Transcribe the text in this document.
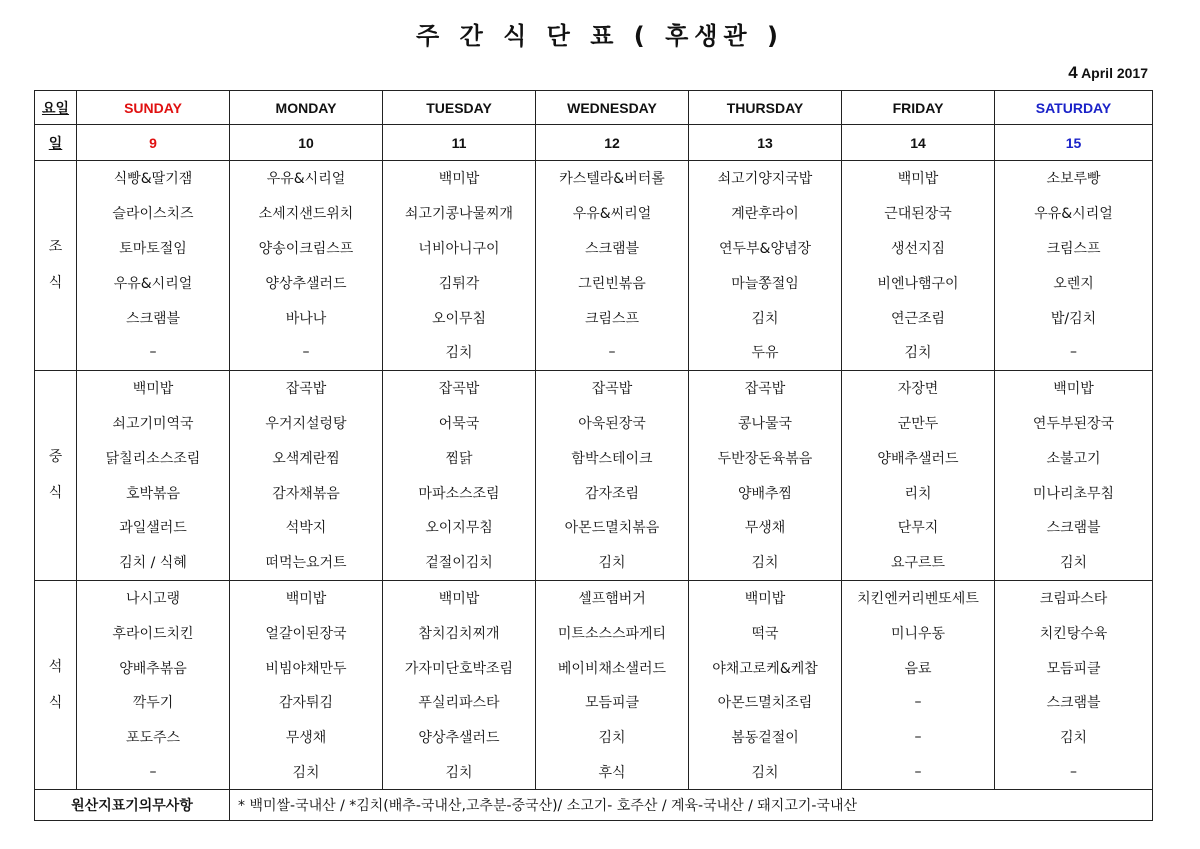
주 간 식 단 표 ( 후생관 )
4 April 2017
요일	SUNDAY	MONDAY	TUESDAY	WEDNESDAY	THURSDAY	FRIDAY	SATURDAY
일	9	10	11	12	13	14	15

조
식	식빵&딸기잼	우유&시리얼	백미밥	카스텔라&버터롤	쇠고기양지국밥	백미밥	소보루빵
	슬라이스치즈	소세지샌드위치	쇠고기콩나물찌개	우유&씨리얼	계란후라이	근대된장국	우유&시리얼
	토마토절임	양송이크림스프	너비아니구이	스크램블	연두부&양념장	생선지짐	크림스프
	우유&시리얼	양상추샐러드	김튀각	그린빈볶음	마늘쫑절임	비엔나햄구이	오렌지
	스크램블	바나나	오이무침	크림스프	김치	연근조림	밥/김치
	–	–	김치	–	두유	김치	–

중
식	백미밥	잡곡밥	잡곡밥	잡곡밥	잡곡밥	자장면	백미밥
	쇠고기미역국	우거지설렁탕	어묵국	아욱된장국	콩나물국	군만두	연두부된장국
	닭칠리소스조림	오색계란찜	찜닭	함박스테이크	두반장돈육볶음	양배추샐러드	소불고기
	호박볶음	감자채볶음	마파소스조림	감자조림	양배추찜	리치	미나리초무침
	과일샐러드	석박지	오이지무침	아몬드멸치볶음	무생채	단무지	스크램블
	김치 / 식혜	떠먹는요거트	겉절이김치	김치	김치	요구르트	김치

석
식	나시고랭	백미밥	백미밥	셀프햄버거	백미밥	치킨엔커리벤또세트	크림파스타
	후라이드치킨	얼갈이된장국	참치김치찌개	미트소스스파게티	떡국	미니우동	치킨탕수육
	양배추볶음	비빔야채만두	가자미단호박조림	베이비채소샐러드	야채고로케&케찹	음료	모듬피클
	깍두기	감자튀김	푸실리파스타	모듬피클	아몬드멸치조림	–	스크램블
	포도주스	무생채	양상추샐러드	김치	봄동겉절이	–	김치
	–	김치	김치	후식	김치	–	–
원산지표기의무사항		* 백미쌀-국내산 / *김치(배추-국내산,고추분-중국산)/ 소고기- 호주산 / 계육-국내산 / 돼지고기-국내산					
